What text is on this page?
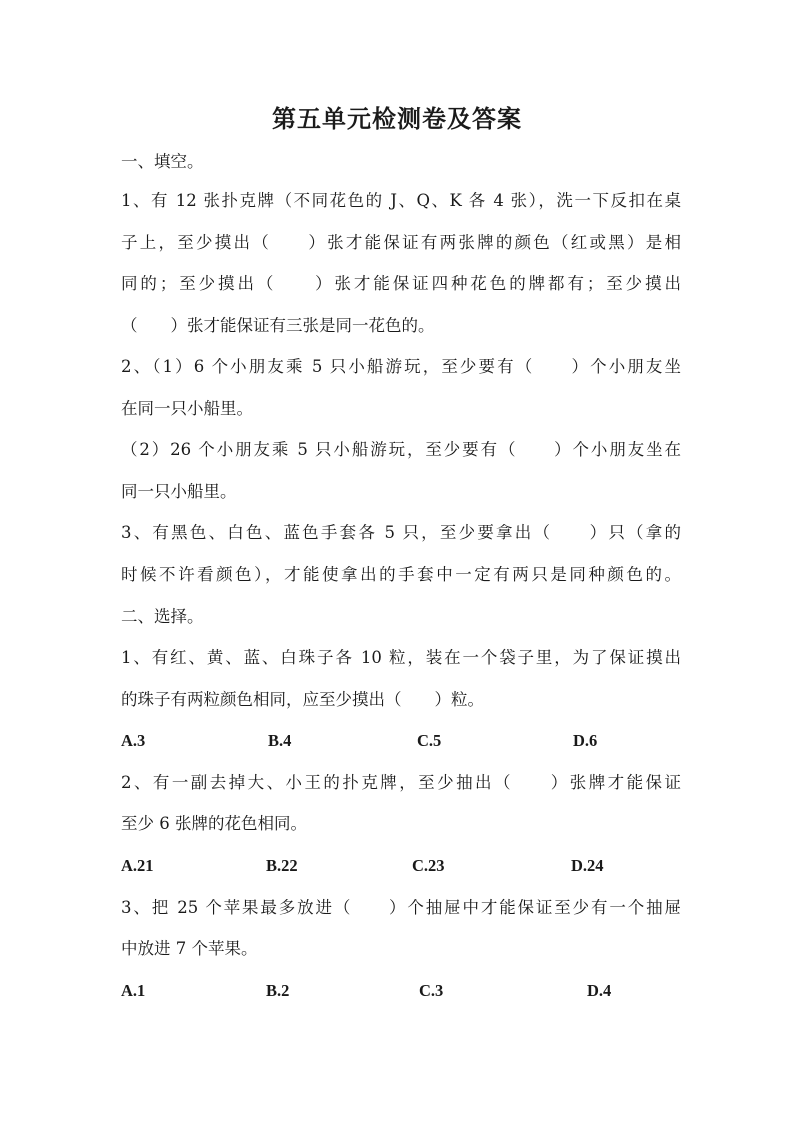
第五单元检测卷及答案
一、填空。
1、有 12 张扑克牌（不同花色的 J、Q、K 各 4 张），洗一下反扣在桌
子上，至少摸出（　　）张才能保证有两张牌的颜色（红或黑）是相
同的；至少摸出（　　）张才能保证四种花色的牌都有；至少摸出
（　　）张才能保证有三张是同一花色的。
2、（1）6 个小朋友乘 5 只小船游玩，至少要有（　　）个小朋友坐
在同一只小船里。
（2）26 个小朋友乘 5 只小船游玩，至少要有（　　）个小朋友坐在
同一只小船里。
3、有黑色、白色、蓝色手套各 5 只，至少要拿出（　　）只（拿的
时候不许看颜色），才能使拿出的手套中一定有两只是同种颜色的。
二、选择。
1、有红、黄、蓝、白珠子各 10 粒，装在一个袋子里，为了保证摸出
的珠子有两粒颜色相同，应至少摸出（　　）粒。
A.3	B.4	C.5	D.6
2、有一副去掉大、小王的扑克牌，至少抽出（　　）张牌才能保证
至少 6 张牌的花色相同。
A.21	B.22	C.23	D.24
3、把 25 个苹果最多放进（　　）个抽屉中才能保证至少有一个抽屉
中放进 7 个苹果。
A.1	B.2	C.3	D.4
